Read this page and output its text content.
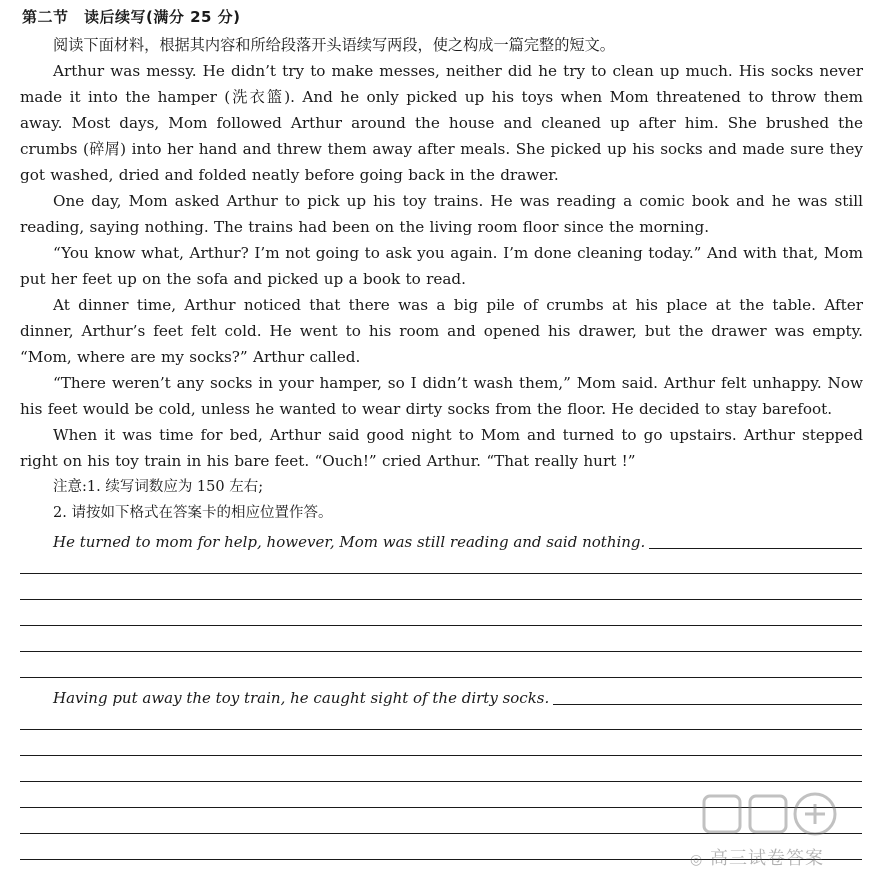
第二节　读后续写(满分 25 分)
阅读下面材料，根据其内容和所给段落开头语续写两段，使之构成一篇完整的短文。
Arthur was messy. He didn’t try to make messes, neither did he try to clean up much. His socks never made it into the hamper (洗衣篮). And he only picked up his toys when Mom threatened to throw them away. Most days, Mom followed Arthur around the house and cleaned up after him. She brushed the crumbs (碎屑) into her hand and threw them away after meals. She picked up his socks and made sure they got washed, dried and folded neatly before going back in the drawer.
One day, Mom asked Arthur to pick up his toy trains. He was reading a comic book and he was still reading, saying nothing. The trains had been on the living room floor since the morning.
“You know what, Arthur? I’m not going to ask you again. I’m done cleaning today.” And with that, Mom put her feet up on the sofa and picked up a book to read.
At dinner time, Arthur noticed that there was a big pile of crumbs at his place at the table. After dinner, Arthur’s feet felt cold. He went to his room and opened his drawer, but the drawer was empty. “Mom, where are my socks?” Arthur called.
“There weren’t any socks in your hamper, so I didn’t wash them,” Mom said. Arthur felt unhappy. Now his feet would be cold, unless he wanted to wear dirty socks from the floor. He decided to stay barefoot.
When it was time for bed, Arthur said good night to Mom and turned to go upstairs. Arthur stepped right on his toy train in his bare feet. “Ouch!” cried Arthur. “That really hurt !”
注意:1. 续写词数应为 150 左右;
2. 请按如下格式在答案卡的相应位置作答。
He turned to mom for help, however, Mom was still reading and said nothing.
Having put away the toy train, he caught sight of the dirty socks.
◎ 高三试卷答案
